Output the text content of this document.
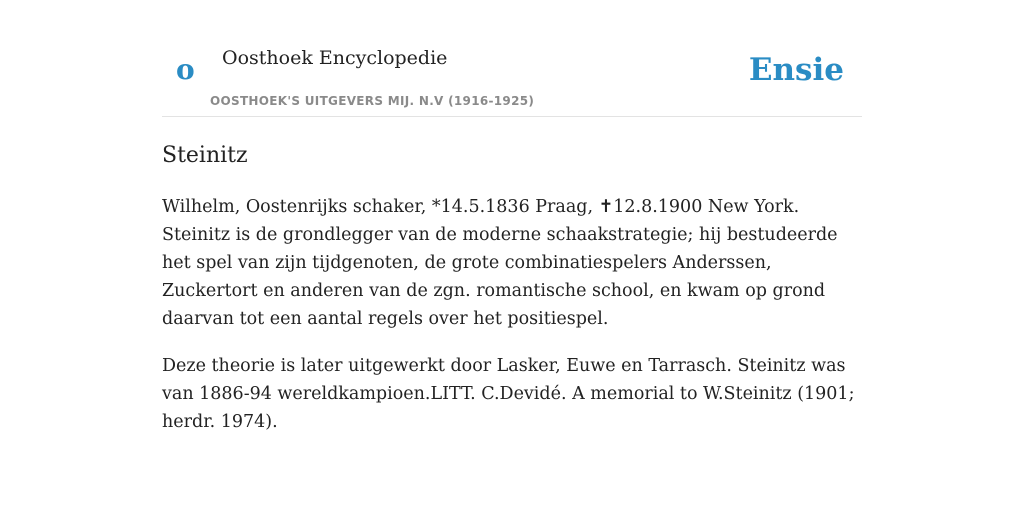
o Oosthoek Encyclopedie
OOSTHOEK'S UITGEVERS MIJ. N.V (1916-1925)
Ensie
Steinitz

Wilhelm, Oostenrijks schaker, *14.5.1836 Praag, ✝12.8.1900 New York. Steinitz is de grondlegger van de moderne schaakstrategie; hij bestudeerde het spel van zijn tijdgenoten, de grote combinatiespelers Anderssen, Zuckertort en anderen van de zgn. romantische school, en kwam op grond daarvan tot een aantal regels over het positiespel.

Deze theorie is later uitgewerkt door Lasker, Euwe en Tarrasch. Steinitz was van 1886-94 wereldkampioen.LITT. C.Devidé. A memorial to W.Steinitz (1901; herdr. 1974).
